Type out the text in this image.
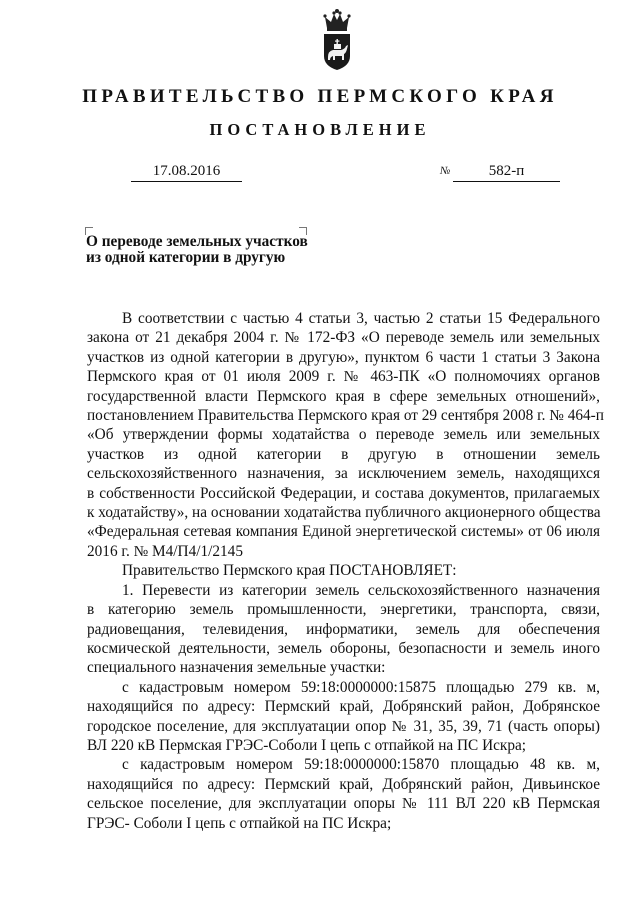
ПРАВИТЕЛЬСТВО ПЕРМСКОГО КРАЯ
ПОСТАНОВЛЕНИЕ
17.08.2016	№	582-п
О переводе земельных участков
из одной категории в другую
В соответствии с частью 4 статьи 3, частью 2 статьи 15 Федерального
закона от 21 декабря 2004 г. № 172-ФЗ «О переводе земель или земельных
участков из одной категории в другую», пунктом 6 части 1 статьи 3 Закона
Пермского края от 01 июля 2009 г. № 463-ПК «О полномочиях органов
государственной власти Пермского края в сфере земельных отношений»,
постановлением Правительства Пермского края от 29 сентября 2008 г. № 464-п
«Об утверждении формы ходатайства о переводе земель или земельных
участков из одной категории в другую в отношении земель
сельскохозяйственного назначения, за исключением земель, находящихся
в собственности Российской Федерации, и состава документов, прилагаемых
к ходатайству», на основании ходатайства публичного акционерного общества
«Федеральная сетевая компания Единой энергетической системы» от 06 июля
2016 г. № М4/П4/1/2145
Правительство Пермского края ПОСТАНОВЛЯЕТ:
1. Перевести из категории земель сельскохозяйственного назначения
в категорию земель промышленности, энергетики, транспорта, связи,
радиовещания, телевидения, информатики, земель для обеспечения
космической деятельности, земель обороны, безопасности и земель иного
специального назначения земельные участки:
с кадастровым номером 59:18:0000000:15875 площадью 279 кв. м,
находящийся по адресу: Пермский край, Добрянский район, Добрянское
городское поселение, для эксплуатации опор № 31, 35, 39, 71 (часть опоры)
ВЛ 220 кВ Пермская ГРЭС-Соболи I цепь с отпайкой на ПС Искра;
с кадастровым номером 59:18:0000000:15870 площадью 48 кв. м,
находящийся по адресу: Пермский край, Добрянский район, Дивьинское
сельское поселение, для эксплуатации опоры № 111 ВЛ 220 кВ Пермская
ГРЭС- Соболи I цепь с отпайкой на ПС Искра;
